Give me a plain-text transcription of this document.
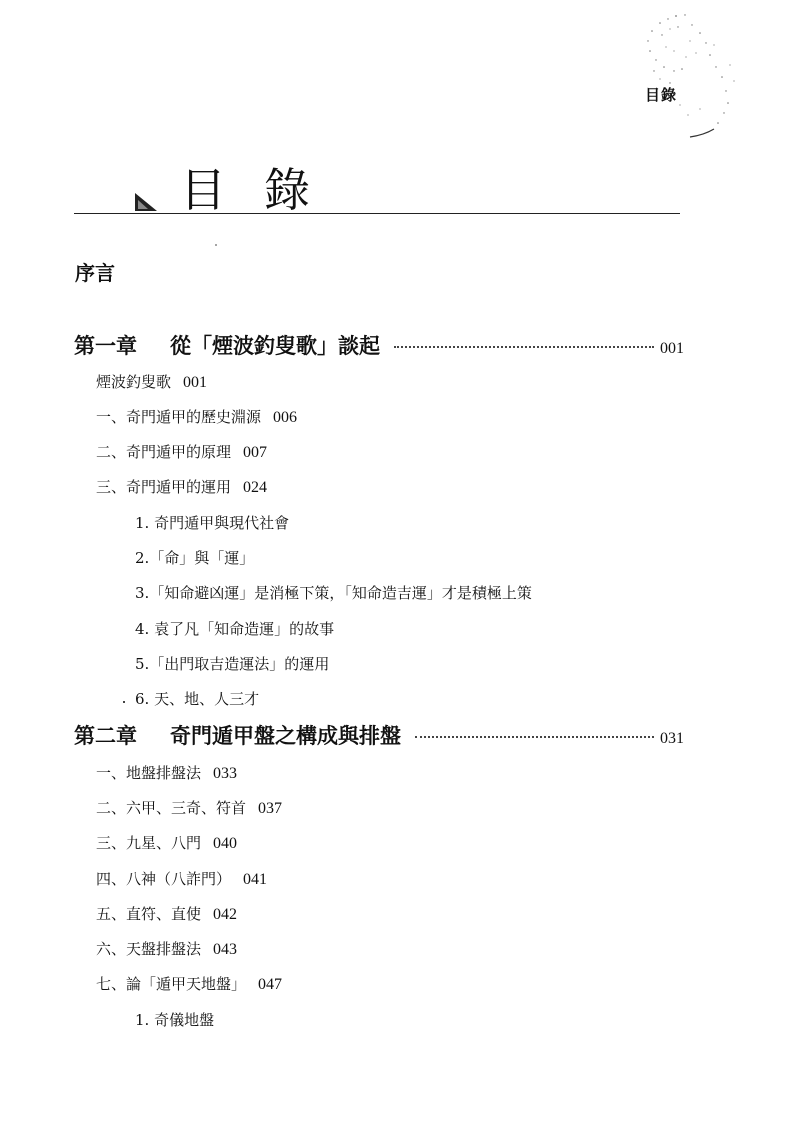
目錄
目錄
序言
第一章	從「煙波釣叟歌」談起	001
煙波釣叟歌 001
一、奇門遁甲的歷史淵源 006
二、奇門遁甲的原理 007
三、奇門遁甲的運用 024
1. 奇門遁甲與現代社會
2.「命」與「運」
3.「知命避凶運」是消極下策，「知命造吉運」才是積極上策
4. 袁了凡「知命造運」的故事
5.「出門取吉造運法」的運用
6. 天、地、人三才
第二章	奇門遁甲盤之構成與排盤	031
一、地盤排盤法 033
二、六甲、三奇、符首 037
三、九星、八門 040
四、八神（八詐門） 041
五、直符、直使 042
六、天盤排盤法 043
七、論「遁甲天地盤」 047
1. 奇儀地盤
